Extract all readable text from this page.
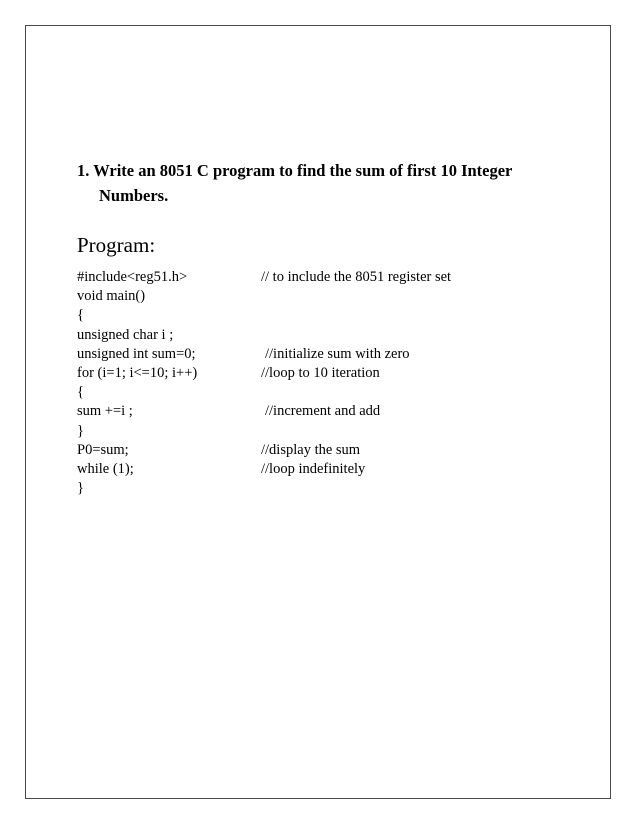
1. Write an 8051 C program to find the sum of first 10 Integer
Numbers.
Program:

#include<reg51.h>

	// to include the 8051 register set

void main()

{

unsigned char i ;

unsigned int sum=0;

	//initialize sum with zero

for (i=1; i<=10; i++)

	//loop to 10 iteration

{

sum +=i ;

	//increment and add

}

P0=sum;

	//display the sum

while (1);

	//loop indefinitely

}
